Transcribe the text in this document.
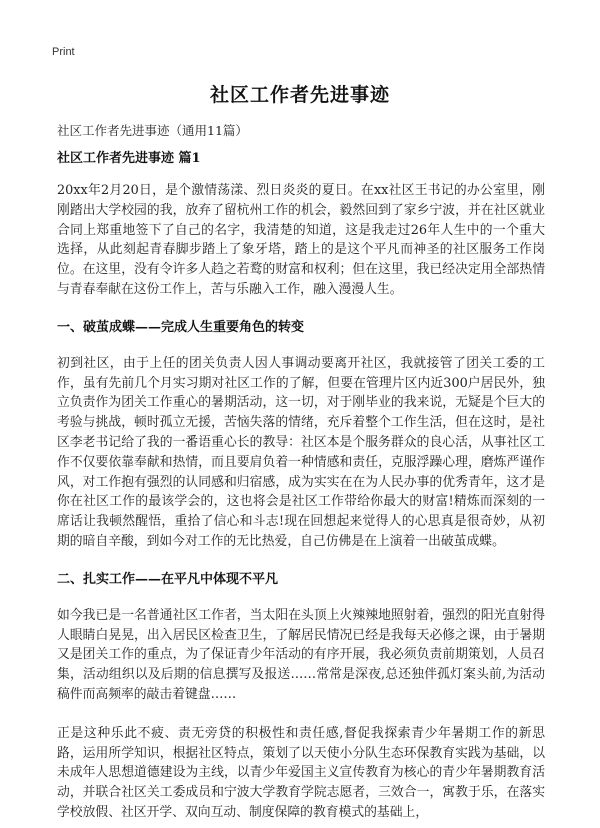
Print
社区工作者先进事迹
社区工作者先进事迹（通用11篇）
社区工作者先进事迹 篇1

20xx年2月20日，是个激情荡漾、烈日炎炎的夏日。在xx社区王书记的办公室里，刚刚踏出大学校园的我，放弃了留杭州工作的机会，毅然回到了家乡宁波，并在社区就业合同上郑重地签下了自己的名字，我清楚的知道，这是我走过26年人生中的一个重大选择，从此刻起青春脚步踏上了象牙塔，踏上的是这个平凡而神圣的社区服务工作岗位。在这里，没有令许多人趋之若鹜的财富和权利；但在这里，我已经决定用全部热情与青春奉献在这份工作上，苦与乐融入工作，融入漫漫人生。

一、破茧成蝶——完成人生重要角色的转变

初到社区，由于上任的团关负责人因人事调动要离开社区，我就接管了团关工委的工作，虽有先前几个月实习期对社区工作的了解，但要在管理片区内近300户居民外，独立负责作为团关工作重心的暑期活动，这一切，对于刚毕业的我来说，无疑是个巨大的考验与挑战，顿时孤立无援，苦恼失落的情绪，充斥着整个工作生活，但在这时，是社区李老书记给了我的一番语重心长的教导：社区本是个服务群众的良心活，从事社区工作不仅要依靠奉献和热情，而且要肩负着一种情感和责任，克服浮躁心理，磨炼严谨作风，对工作抱有强烈的认同感和归宿感，成为实实在在为人民办事的优秀青年，这才是你在社区工作的最该学会的，这也将会是社区工作带给你最大的财富!精炼而深刻的一席话让我顿然醒悟，重拾了信心和斗志!现在回想起来觉得人的心思真是很奇妙，从初期的暗自辛酸，到如今对工作的无比热爱，自己仿佛是在上演着一出破茧成蝶。

二、扎实工作——在平凡中体现不平凡

如今我已是一名普通社区工作者，当太阳在头顶上火辣辣地照射着，强烈的阳光直射得人眼睛白晃晃，出入居民区检查卫生，了解居民情况已经是我每天必修之课，由于暑期又是团关工作的重点，为了保证青少年活动的有序开展，我必须负责前期策划，人员召集，活动组织以及后期的信息撰写及报送……常常是深夜,总还独伴孤灯案头前,为活动稿件而高频率的敲击着键盘……

正是这种乐此不疲、责无旁贷的积极性和责任感,督促我探索青少年暑期工作的新思路，运用所学知识，根据社区特点，策划了以天使小分队生态环保教育实践为基础，以未成年人思想道德建设为主线，以青少年爱国主义宣传教育为核心的青少年暑期教育活动，并联合社区关工委成员和宁波大学教育学院志愿者，三效合一，寓教于乐，在落实学校放假、社区开学、双向互动、制度保障的教育模式的基础上，
